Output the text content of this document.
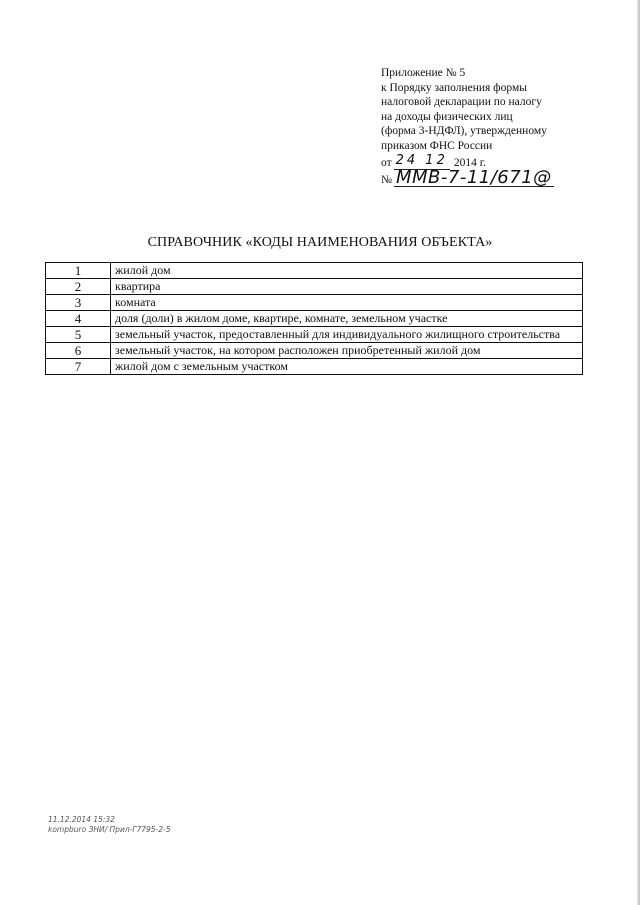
Приложение № 5
к Порядку заполнения формы
налоговой декларации по налогу
на доходы физических лиц
(форма 3-НДФЛ), утвержденному
приказом ФНС России
от 24 12 2014 г.
№ ММВ-7-11/671@
СПРАВОЧНИК «КОДЫ НАИМЕНОВАНИЯ ОБЪЕКТА»
1	жилой дом
2	квартира
3	комната
4	доля (доли) в жилом доме, квартире, комнате, земельном участке
5	земельный участок, предоставленный для индивидуального жилищного строительства
6	земельный участок, на котором расположен приобретенный жилой дом
7	жилой дом с земельным участком
11.12.2014 15:32
kompburo ЗНИ/ Прил-Г7795-2-5
